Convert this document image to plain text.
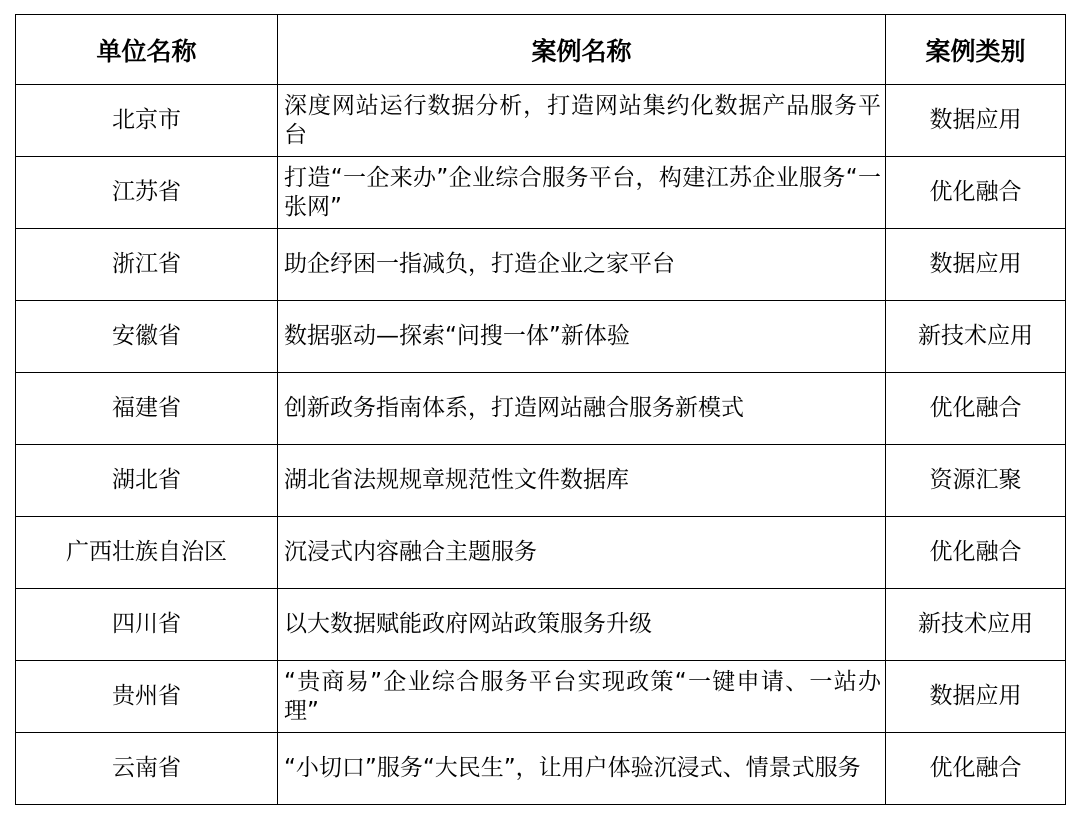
单位名称	案例名称	案例类别
北京市	深度网站运行数据分析，打造网站集约化数据产品服务平台	数据应用
江苏省	打造“一企来办”企业综合服务平台，构建江苏企业服务“一张网”	优化融合
浙江省	助企纾困一指减负，打造企业之家平台	数据应用
安徽省	数据驱动—探索“问搜一体”新体验	新技术应用
福建省	创新政务指南体系，打造网站融合服务新模式	优化融合
湖北省	湖北省法规规章规范性文件数据库	资源汇聚
广西壮族自治区	沉浸式内容融合主题服务	优化融合
四川省	以大数据赋能政府网站政策服务升级	新技术应用
贵州省	“贵商易”企业综合服务平台实现政策“一键申请、一站办理”	数据应用
云南省	“小切口”服务“大民生”，让用户体验沉浸式、情景式服务	优化融合
